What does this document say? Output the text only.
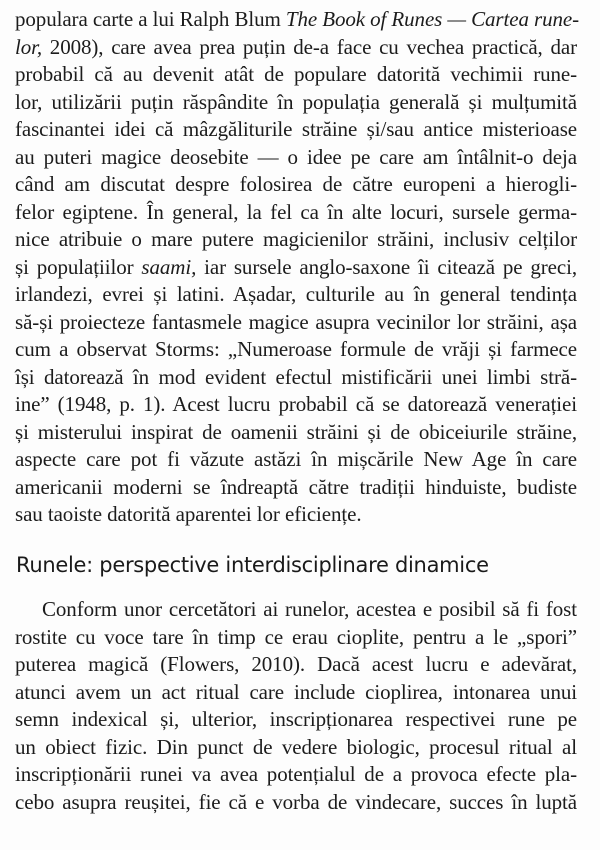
populara carte a lui Ralph Blum The Book of Runes — Cartea rune-
lor, 2008), care avea prea puțin de-a face cu vechea practică, dar
probabil că au devenit atât de populare datorită vechimii rune-
lor, utilizării puțin răspândite în populația generală și mulțumită
fascinantei idei că mâzgăliturile străine și/sau antice misterioase
au puteri magice deosebite — o idee pe care am întâlnit-o deja
când am discutat despre folosirea de către europeni a hierogli-
felor egiptene. În general, la fel ca în alte locuri, sursele germa-
nice atribuie o mare putere magicienilor străini, inclusiv celților
și populațiilor saami, iar sursele anglo-saxone îi citează pe greci,
irlandezi, evrei și latini. Așadar, culturile au în general tendința
să-și proiecteze fantasmele magice asupra vecinilor lor străini, așa
cum a observat Storms: „Numeroase formule de vrăji și farmece
își datorează în mod evident efectul mistificării unei limbi stră-
ine” (1948, p. 1). Acest lucru probabil că se datorează venerației
și misterului inspirat de oamenii străini și de obiceiurile străine,
aspecte care pot fi văzute astăzi în mișcările New Age în care
americanii moderni se îndreaptă către tradiții hinduiste, budiste
sau taoiste datorită aparentei lor eficiențe.
Runele: perspective interdisciplinare dinamice
Conform unor cercetători ai runelor, acestea e posibil să fi fost
rostite cu voce tare în timp ce erau cioplite, pentru a le „spori”
puterea magică (Flowers, 2010). Dacă acest lucru e adevărat,
atunci avem un act ritual care include cioplirea, intonarea unui
semn indexical și, ulterior, inscripționarea respectivei rune pe
un obiect fizic. Din punct de vedere biologic, procesul ritual al
inscripționării runei va avea potențialul de a provoca efecte pla-
cebo asupra reușitei, fie că e vorba de vindecare, succes în luptă
